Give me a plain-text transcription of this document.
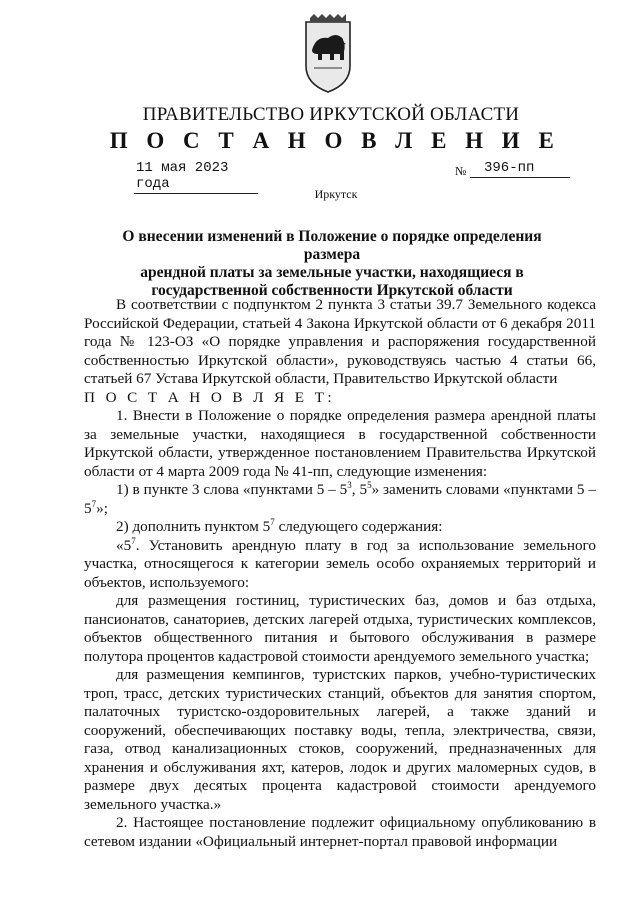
ПРАВИТЕЛЬСТВО ИРКУТСКОЙ ОБЛАСТИ
П О С Т А Н О В Л Е Н И Е
11 мая 2023 года
№	396-пп
Иркутск
О внесении изменений в Положение о порядке определения размера
арендной платы за земельные участки, находящиеся в
государственной собственности Иркутской области

В соответствии с подпунктом 2 пункта 3 статьи 39.7 Земельного кодекса Российской Федерации, статьей 4 Закона Иркутской области от 6 декабря 2011 года № 123-ОЗ «О порядке управления и распоряжения государственной собственностью Иркутской области», руководствуясь частью 4 статьи 66, статьей 67 Устава Иркутской области, Правительство Иркутской области

П О С Т А Н О В Л Я Е Т:

1. Внести в Положение о порядке определения размера арендной платы за земельные участки, находящиеся в государственной собственности Иркутской области, утвержденное постановлением Правительства Иркутской области от 4 марта 2009 года № 41-пп, следующие изменения:

1) в пункте 3 слова «пунктами $5 - 5^3$, $5^5$» заменить словами «пунктами $5 - 5^7$»;

2) дополнить пунктом $5^7$ следующего содержания:

«$5^7$. Установить арендную плату в год за использование земельного участка, относящегося к категории земель особо охраняемых территорий и объектов, используемого:

для размещения гостиниц, туристических баз, домов и баз отдыха, пансионатов, санаториев, детских лагерей отдыха, туристических комплексов, объектов общественного питания и бытового обслуживания в размере полутора процентов кадастровой стоимости арендуемого земельного участка;

для размещения кемпингов, туристских парков, учебно-туристических троп, трасс, детских туристических станций, объектов для занятия спортом, палаточных туристско-оздоровительных лагерей, а также зданий и сооружений, обеспечивающих поставку воды, тепла, электричества, связи, газа, отвод канализационных стоков, сооружений, предназначенных для хранения и обслуживания яхт, катеров, лодок и других маломерных судов, в размере двух десятых процента кадастровой стоимости арендуемого земельного участка.»

2. Настоящее постановление подлежит официальному опубликованию в сетевом издании «Официальный интернет-портал правовой информации
